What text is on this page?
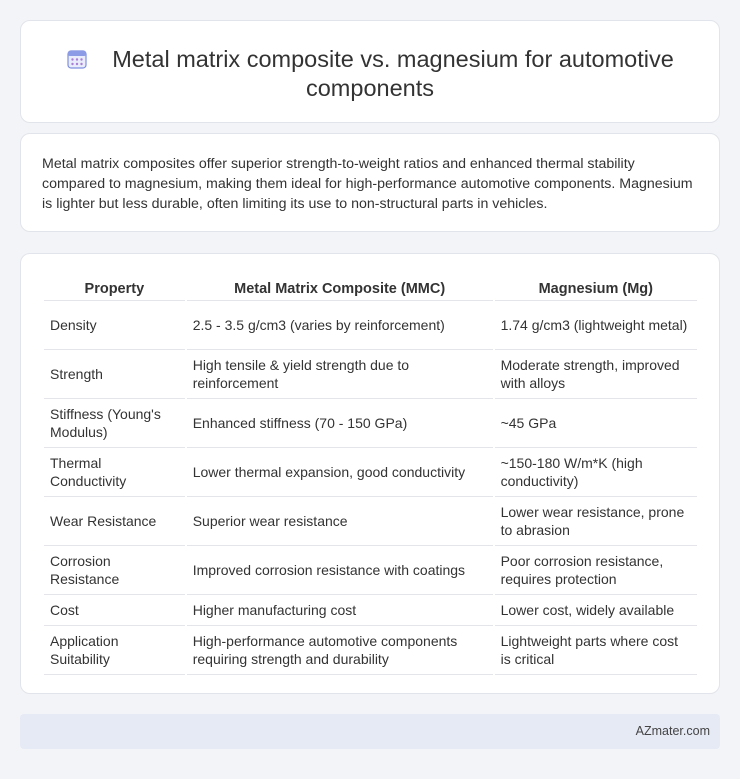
Metal matrix composite vs. magnesium for automotive components

Metal matrix composites offer superior strength-to-weight ratios and enhanced thermal stability compared to magnesium, making them ideal for high-performance automotive components. Magnesium is lighter but less durable, often limiting its use to non-structural parts in vehicles.

Property	Metal Matrix Composite (MMC)	Magnesium (Mg)
Density	2.5 - 3.5 g/cm3 (varies by reinforcement)	1.74 g/cm3 (lightweight metal)
Strength	High tensile & yield strength due to reinforcement	Moderate strength, improved with alloys
Stiffness (Young's Modulus)	Enhanced stiffness (70 - 150 GPa)	~45 GPa
Thermal Conductivity	Lower thermal expansion, good conductivity	~150-180 W/m*K (high conductivity)
Wear Resistance	Superior wear resistance	Lower wear resistance, prone to abrasion
Corrosion Resistance	Improved corrosion resistance with coatings	Poor corrosion resistance, requires protection
Cost	Higher manufacturing cost	Lower cost, widely available
Application Suitability	High-performance automotive components requiring strength and durability	Lightweight parts where cost is critical
AZmater.com
